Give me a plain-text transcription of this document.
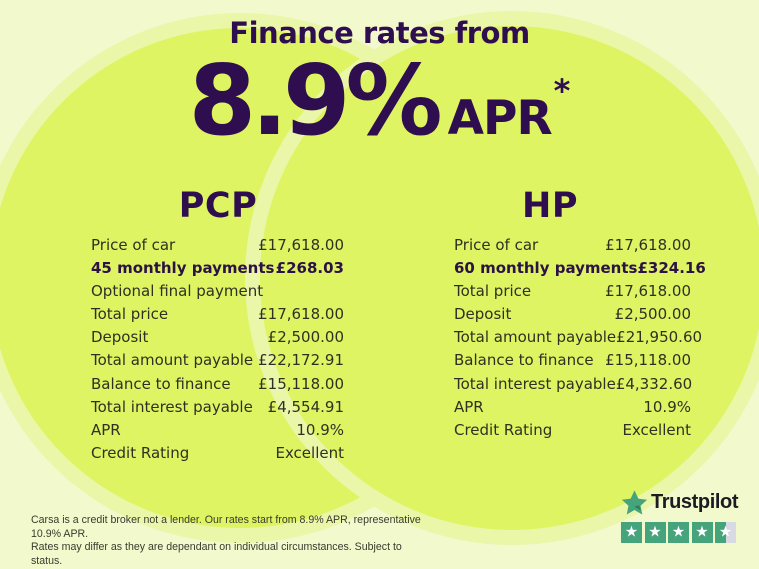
Finance rates from
8.9% APR *
PCP	HP
Price of car	£17,618.00
45 monthly payments £268.03
Optional final payment
Total price	£17,618.00
Deposit	£2,500.00
Total amount payable £22,172.91
Balance to finance £15,118.00
Total interest payable £4,554.91
APR	10.9%
Credit Rating	Excellent
Price of car	£17,618.00
60 monthly payments £324.16
Total price	£17,618.00
Deposit	£2,500.00
Total amount payable £21,950.60
Balance to finance £15,118.00
Total interest payable £4,332.60
APR	10.9%
Credit Rating	Excellent
Carsa is a credit broker not a lender. Our rates start from 8.9% APR, representative 10.9% APR.
Rates may differ as they are dependant on individual circumstances. Subject to status.
Trustpilot
★ ★ ★ ★ ★
